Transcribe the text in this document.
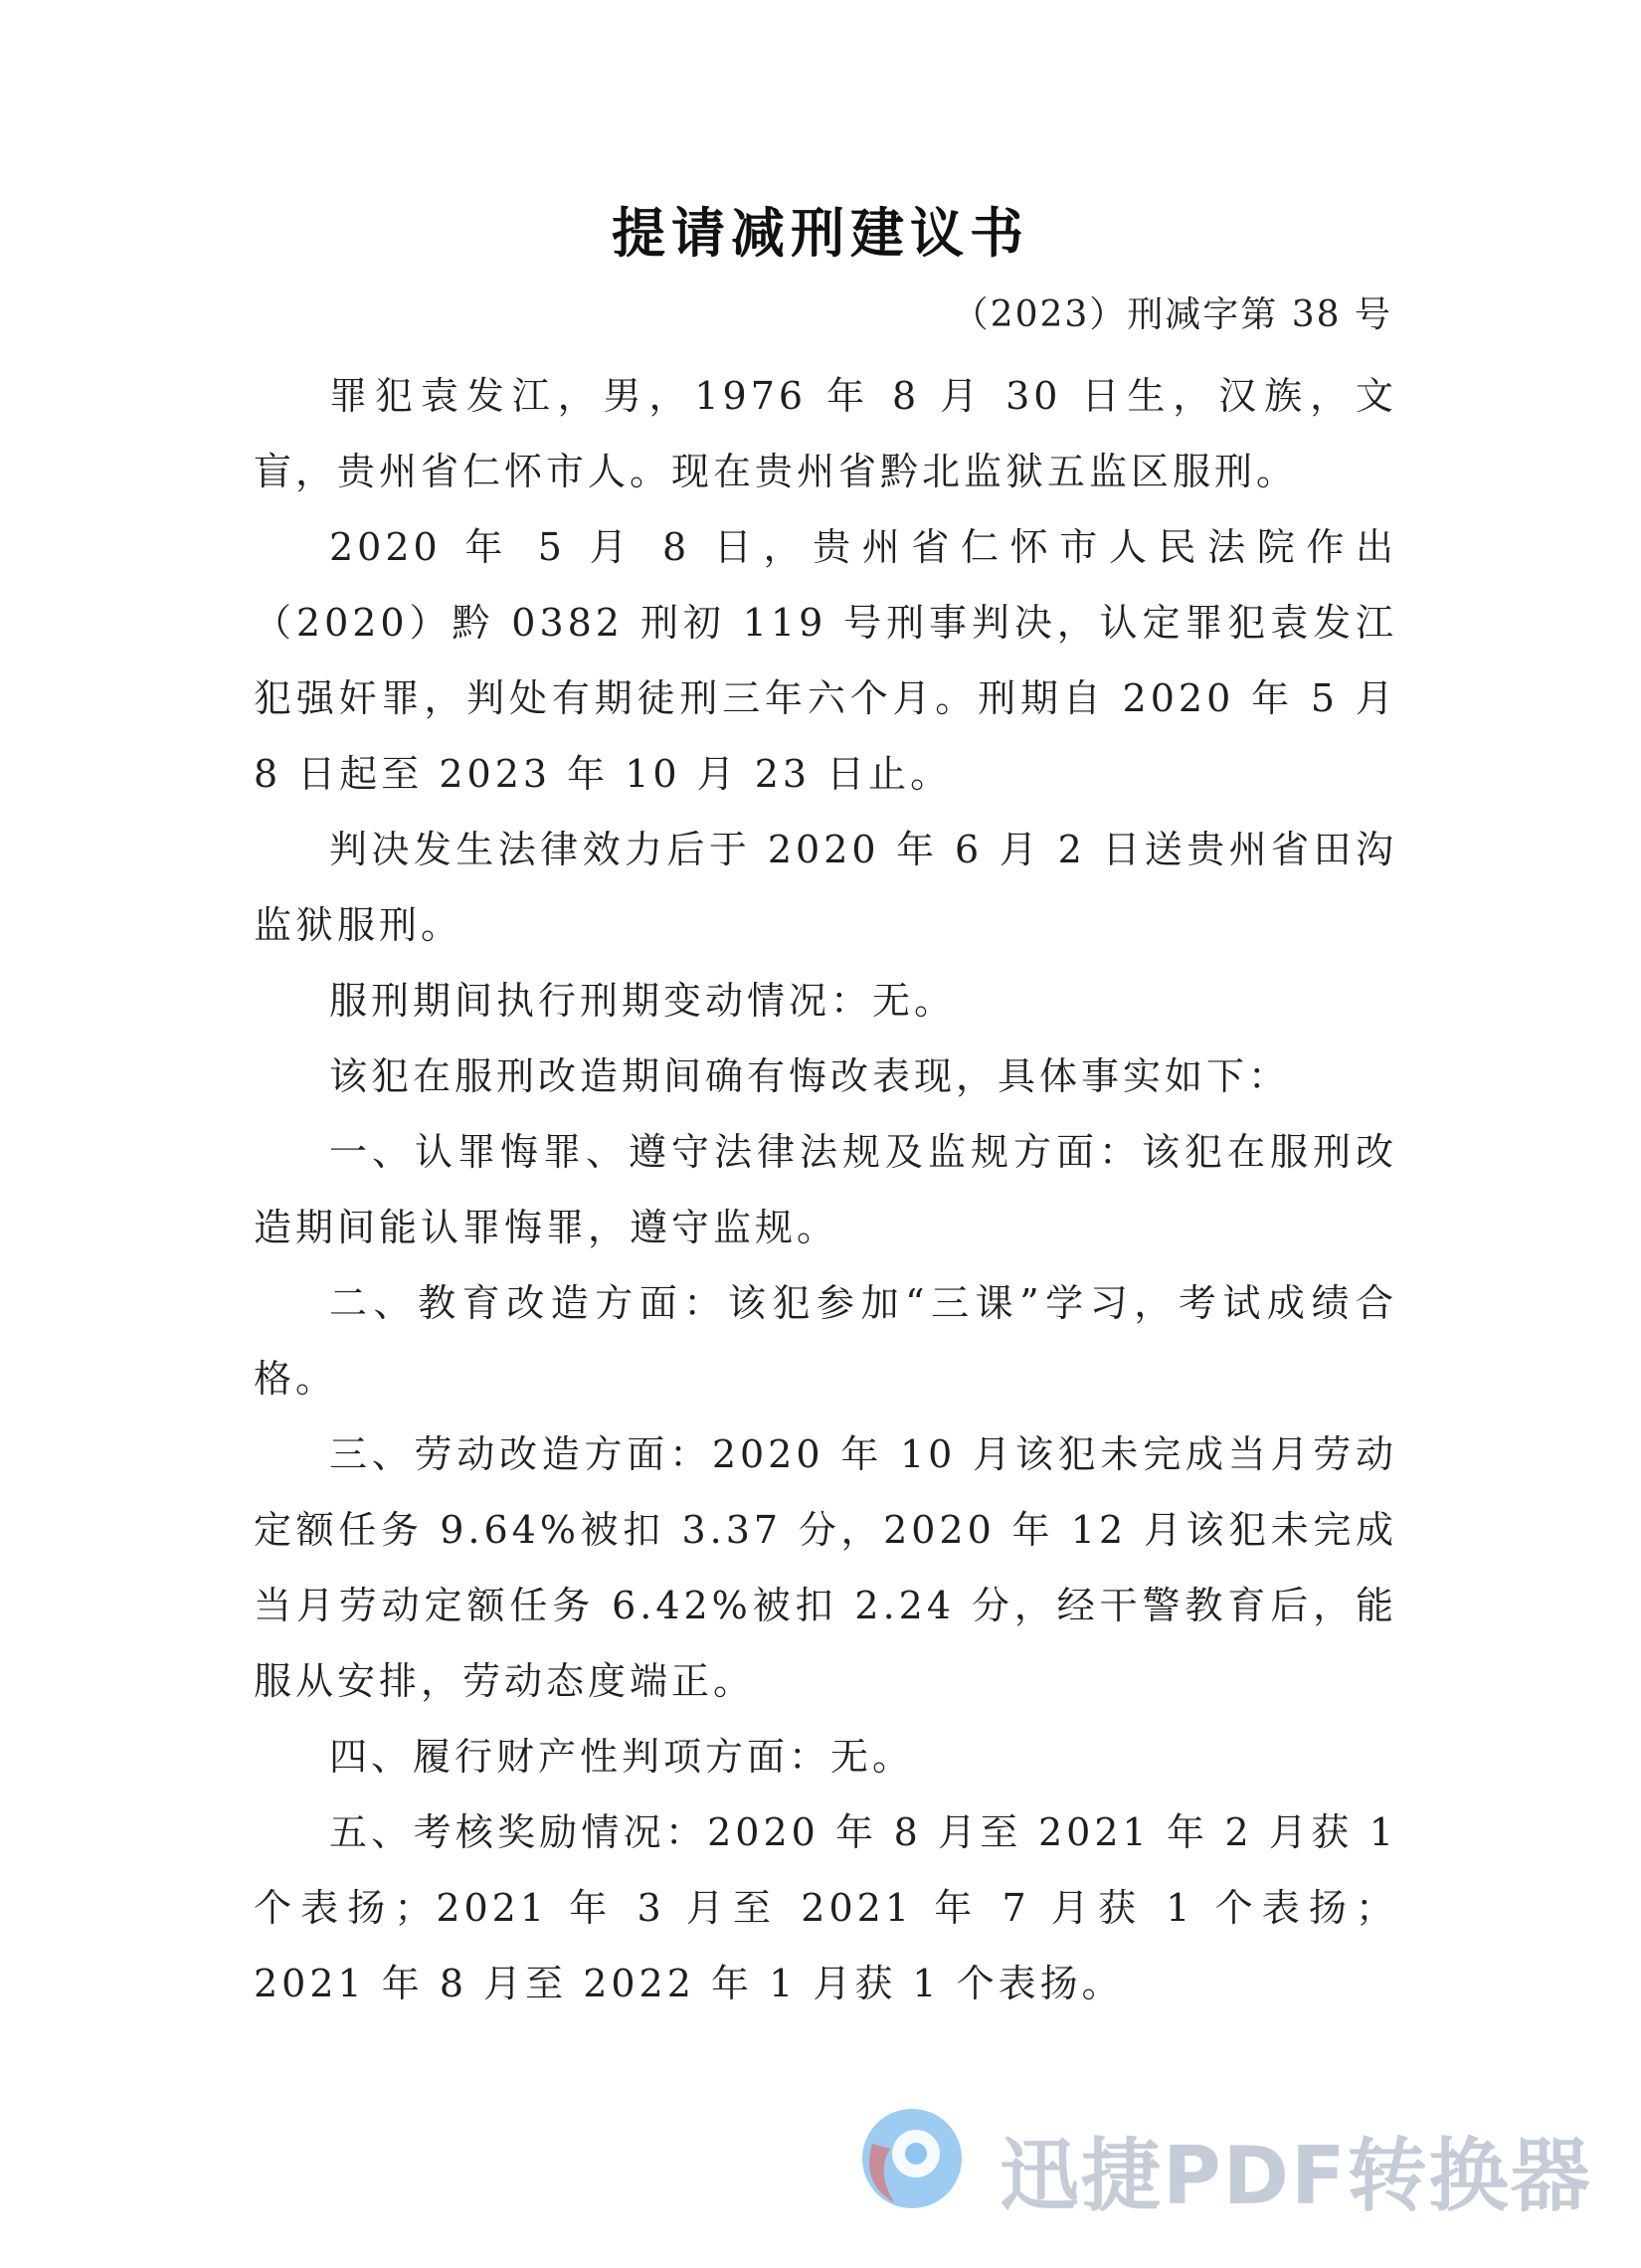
提请减刑建议书
（2023）刑减字第 38 号

罪犯袁发江，男，1976 年 8 月 30 日生，汉族，文盲，贵州省仁怀市人。现在贵州省黔北监狱五监区服刑。

2020 年 5 月 8 日，贵州省仁怀市人民法院作出（2020）黔 0382 刑初 119 号刑事判决，认定罪犯袁发江犯强奸罪，判处有期徒刑三年六个月。刑期自 2020 年 5 月 8 日起至 2023 年 10 月 23 日止。

判决发生法律效力后于 2020 年 6 月 2 日送贵州省田沟监狱服刑。

服刑期间执行刑期变动情况：无。

该犯在服刑改造期间确有悔改表现，具体事实如下：

一、认罪悔罪、遵守法律法规及监规方面：该犯在服刑改造期间能认罪悔罪，遵守监规。

二、教育改造方面：该犯参加“三课”学习，考试成绩合格。

三、劳动改造方面：2020 年 10 月该犯未完成当月劳动定额任务 9.64%被扣 3.37 分，2020 年 12 月该犯未完成当月劳动定额任务 6.42%被扣 2.24 分，经干警教育后，能服从安排，劳动态度端正。

四、履行财产性判项方面：无。

五、考核奖励情况：2020 年 8 月至 2021 年 2 月获 1 个表扬；2021 年 3 月至 2021 年 7 月获 1 个表扬；2021 年 8 月至 2022 年 1 月获 1 个表扬。

迅捷PDF转换器
